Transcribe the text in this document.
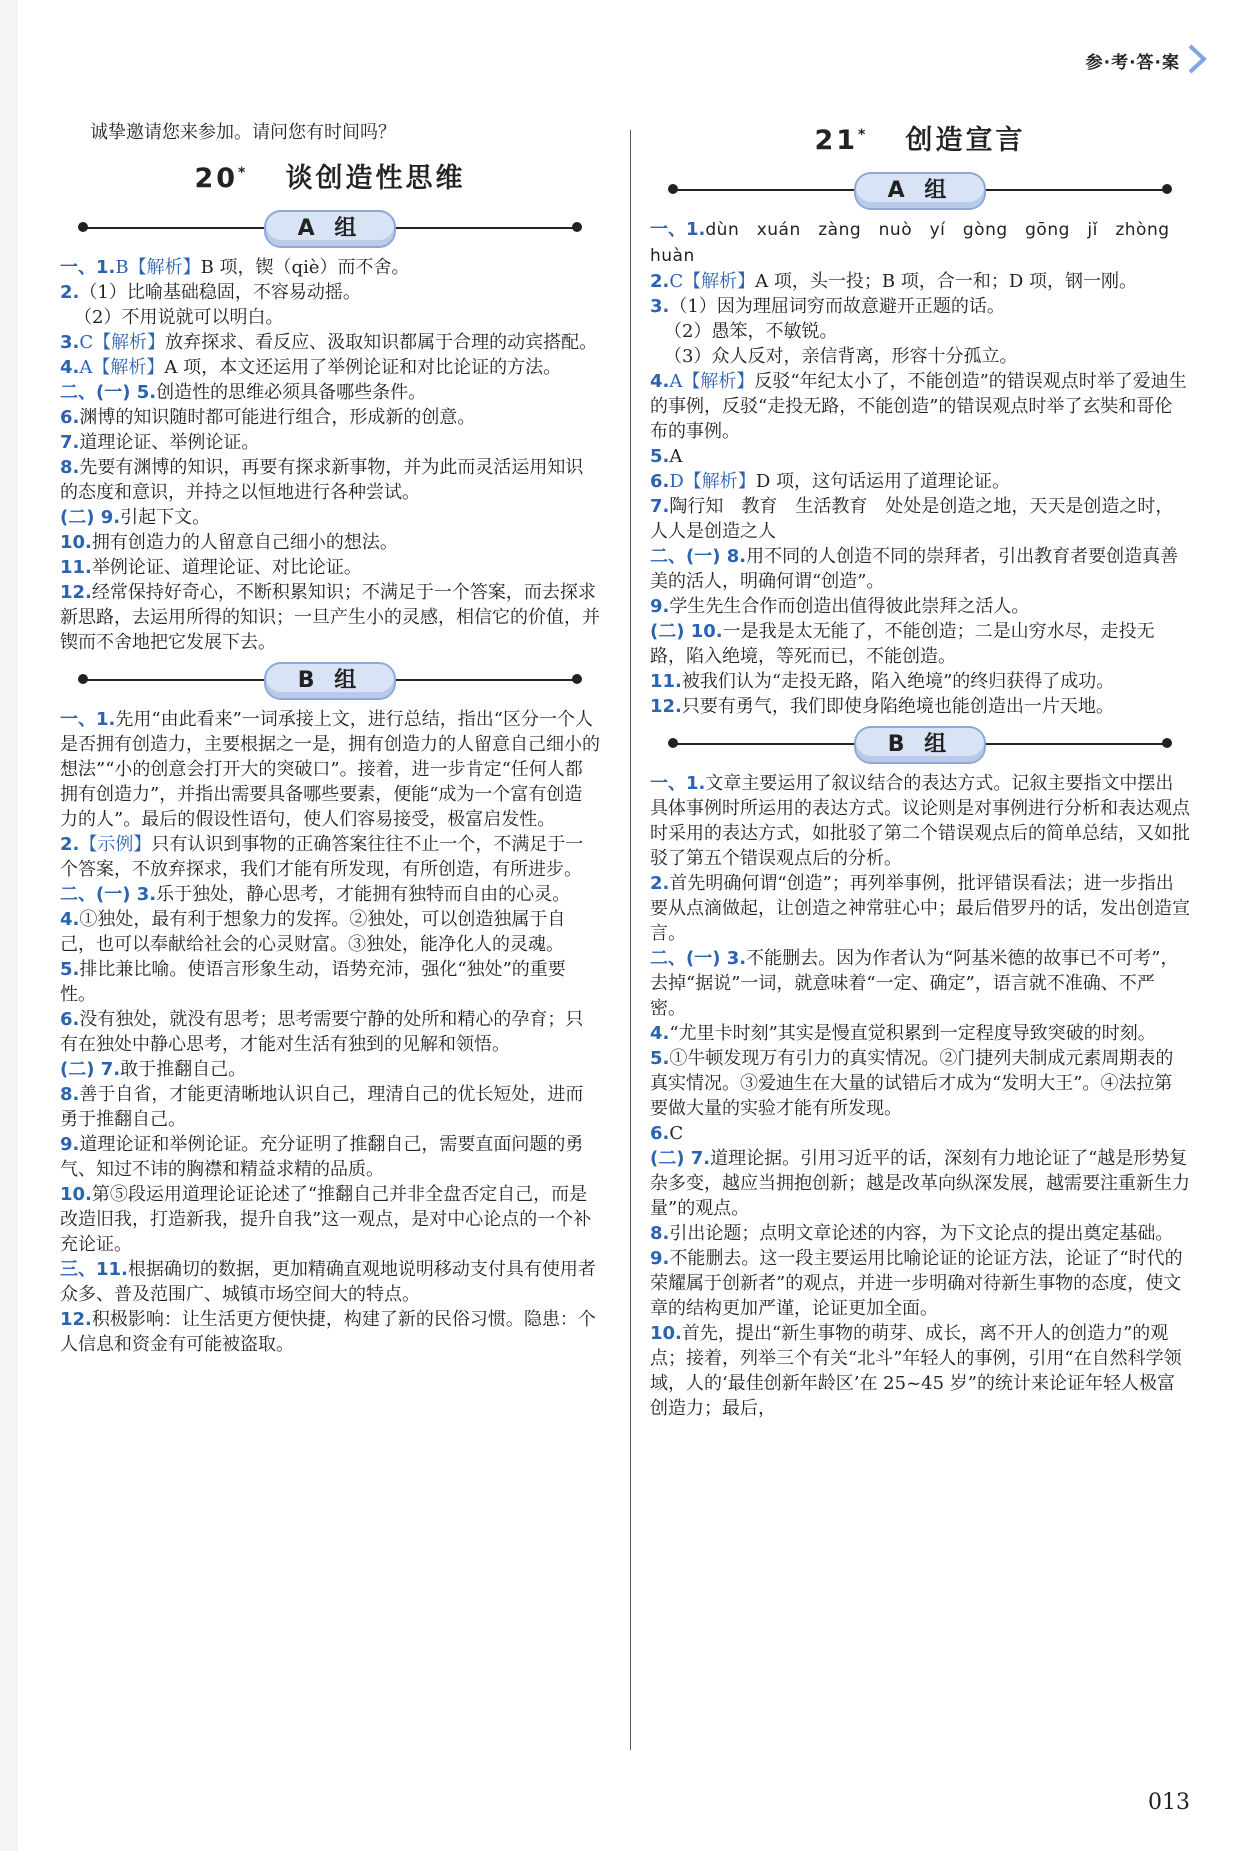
参·考·答·案

诚挚邀请您来参加。请问您有时间吗？

20* 谈创造性思维
A 组

一、1.B【解析】B 项，锲（qiè）而不舍。

2.（1）比喻基础稳固，不容易动摇。

（2）不用说就可以明白。

3.C【解析】放弃探求、看反应、汲取知识都属于合理的动宾搭配。

4.A【解析】A 项，本文还运用了举例论证和对比论证的方法。

二、(一) 5.创造性的思维必须具备哪些条件。

6.渊博的知识随时都可能进行组合，形成新的创意。

7.道理论证、举例论证。

8.先要有渊博的知识，再要有探求新事物，并为此而灵活运用知识的态度和意识，并持之以恒地进行各种尝试。

(二) 9.引起下文。

10.拥有创造力的人留意自己细小的想法。

11.举例论证、道理论证、对比论证。

12.经常保持好奇心，不断积累知识；不满足于一个答案，而去探求新思路，去运用所得的知识；一旦产生小的灵感，相信它的价值，并锲而不舍地把它发展下去。

B 组

一、1.先用“由此看来”一词承接上文，进行总结，指出“区分一个人是否拥有创造力，主要根据之一是，拥有创造力的人留意自己细小的想法”“小的创意会打开大的突破口”。接着，进一步肯定“任何人都拥有创造力”，并指出需要具备哪些要素，便能“成为一个富有创造力的人”。最后的假设性语句，使人们容易接受，极富启发性。

2.【示例】只有认识到事物的正确答案往往不止一个，不满足于一个答案，不放弃探求，我们才能有所发现，有所创造，有所进步。

二、(一) 3.乐于独处，静心思考，才能拥有独特而自由的心灵。

4.①独处，最有利于想象力的发挥。②独处，可以创造独属于自己，也可以奉献给社会的心灵财富。③独处，能净化人的灵魂。

5.排比兼比喻。使语言形象生动，语势充沛，强化“独处”的重要性。

6.没有独处，就没有思考；思考需要宁静的处所和精心的孕育；只有在独处中静心思考，才能对生活有独到的见解和领悟。

(二) 7.敢于推翻自己。

8.善于自省，才能更清晰地认识自己，理清自己的优长短处，进而勇于推翻自己。

9.道理论证和举例论证。充分证明了推翻自己，需要直面问题的勇气、知过不讳的胸襟和精益求精的品质。

10.第⑤段运用道理论证论述了“推翻自己并非全盘否定自己，而是改造旧我，打造新我，提升自我”这一观点，是对中心论点的一个补充论证。

三、11.根据确切的数据，更加精确直观地说明移动支付具有使用者众多、普及范围广、城镇市场空间大的特点。

12.积极影响：让生活更方便快捷，构建了新的民俗习惯。隐患：个人信息和资金有可能被盗取。

21* 创造宣言
A 组

一、1.dùn　xuán　zàng　nuò　yí　gòng　gōng　jǐ　zhòng　huàn

2.C【解析】A 项，头一投；B 项，合一和；D 项，钢一刚。

3.（1）因为理屈词穷而故意避开正题的话。

（2）愚笨，不敏锐。

（3）众人反对，亲信背离，形容十分孤立。

4.A【解析】反驳“年纪太小了，不能创造”的错误观点时举了爱迪生的事例，反驳“走投无路，不能创造”的错误观点时举了玄奘和哥伦布的事例。

5.A

6.D【解析】D 项，这句话运用了道理论证。

7.陶行知　教育　生活教育　处处是创造之地，天天是创造之时，人人是创造之人

二、(一) 8.用不同的人创造不同的崇拜者，引出教育者要创造真善美的活人，明确何谓“创造”。

9.学生先生合作而创造出值得彼此崇拜之活人。

(二) 10.一是我是太无能了，不能创造；二是山穷水尽，走投无路，陷入绝境，等死而已，不能创造。

11.被我们认为“走投无路，陷入绝境”的终归获得了成功。

12.只要有勇气，我们即使身陷绝境也能创造出一片天地。

B 组

一、1.文章主要运用了叙议结合的表达方式。记叙主要指文中摆出具体事例时所运用的表达方式。议论则是对事例进行分析和表达观点时采用的表达方式，如批驳了第二个错误观点后的简单总结，又如批驳了第五个错误观点后的分析。

2.首先明确何谓“创造”；再列举事例，批评错误看法；进一步指出要从点滴做起，让创造之神常驻心中；最后借罗丹的话，发出创造宣言。

二、(一) 3.不能删去。因为作者认为“阿基米德的故事已不可考”，去掉“据说”一词，就意味着“一定、确定”，语言就不准确、不严密。

4.“尤里卡时刻”其实是慢直觉积累到一定程度导致突破的时刻。

5.①牛顿发现万有引力的真实情况。②门捷列夫制成元素周期表的真实情况。③爱迪生在大量的试错后才成为“发明大王”。④法拉第要做大量的实验才能有所发现。

6.C

(二) 7.道理论据。引用习近平的话，深刻有力地论证了“越是形势复杂多变，越应当拥抱创新；越是改革向纵深发展，越需要注重新生力量”的观点。

8.引出论题；点明文章论述的内容，为下文论点的提出奠定基础。

9.不能删去。这一段主要运用比喻论证的论证方法，论证了“时代的荣耀属于创新者”的观点，并进一步明确对待新生事物的态度，使文章的结构更加严谨，论证更加全面。

10.首先，提出“新生事物的萌芽、成长，离不开人的创造力”的观点；接着，列举三个有关“北斗”年轻人的事例，引用“在自然科学领域，人的‘最佳创新年龄区’在 25~45 岁”的统计来论证年轻人极富创造力；最后，

013
